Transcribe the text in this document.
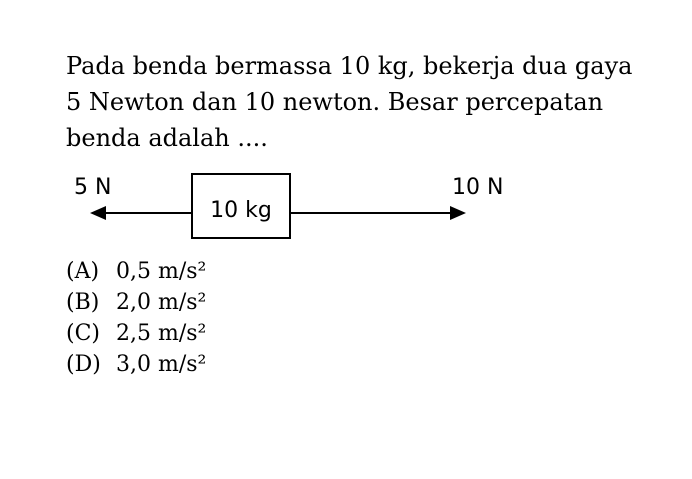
Pada benda bermassa 10 kg, bekerja dua gaya
5 Newton dan 10 newton. Besar percepatan
benda adalah ....

5 N
10 kg
10 N
(A) 0,5 m/s²
(B) 2,0 m/s²
(C) 2,5 m/s²
(D) 3,0 m/s²
